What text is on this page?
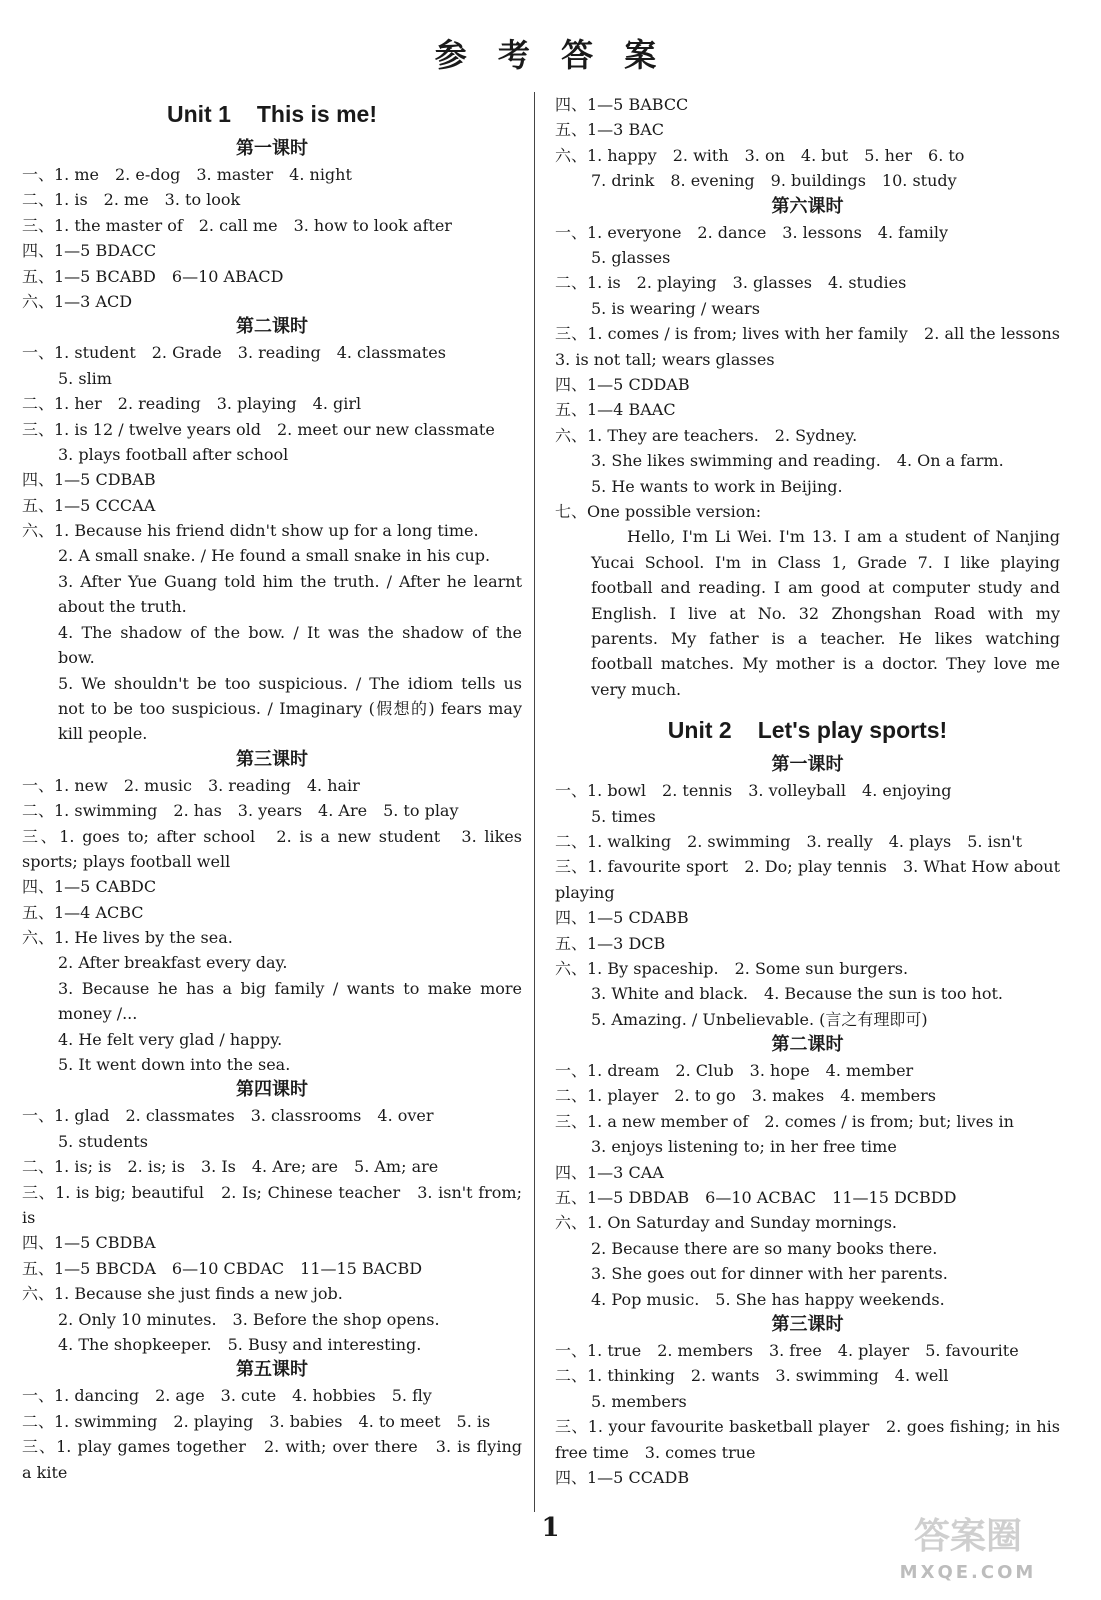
参 考 答 案
Unit 1 This is me!
第一课时
一、1. me　2. e-dog　3. master　4. night
二、1. is　2. me　3. to look
三、1. the master of　2. call me　3. how to look after
四、1—5 BDACC
五、1—5 BCABD　6—10 ABACD
六、1—3 ACD
第二课时
一、1. student　2. Grade　3. reading　4. classmates
5. slim
二、1. her　2. reading　3. playing　4. girl
三、1. is 12 / twelve years old　2. meet our new classmate
3. plays football after school
四、1—5 CDBAB
五、1—5 CCCAA
六、1. Because his friend didn't show up for a long time.
2. A small snake. / He found a small snake in his cup.
3. After Yue Guang told him the truth. / After he learnt about the truth.
4. The shadow of the bow. / It was the shadow of the bow.
5. We shouldn't be too suspicious. / The idiom tells us not to be too suspicious. / Imaginary (假想的) fears may kill people.
第三课时
一、1. new　2. music　3. reading　4. hair
二、1. swimming　2. has　3. years　4. Are　5. to play
三、1. goes to; after school　2. is a new student　3. likes sports; plays football well
四、1—5 CABDC
五、1—4 ACBC
六、1. He lives by the sea.
2. After breakfast every day.
3. Because he has a big family / wants to make more money /...
4. He felt very glad / happy.
5. It went down into the sea.
第四课时
一、1. glad　2. classmates　3. classrooms　4. over
5. students
二、1. is; is　2. is; is　3. Is　4. Are; are　5. Am; are
三、1. is big; beautiful　2. Is; Chinese teacher　3. isn't from; is
四、1—5 CBDBA
五、1—5 BBCDA　6—10 CBDAC　11—15 BACBD
六、1. Because she just finds a new job.
2. Only 10 minutes.　3. Before the shop opens.
4. The shopkeeper.　5. Busy and interesting.
第五课时
一、1. dancing　2. age　3. cute　4. hobbies　5. fly
二、1. swimming　2. playing　3. babies　4. to meet　5. is
三、1. play games together　2. with; over there　3. is flying a kite
四、1—5 BABCC
五、1—3 BAC
六、1. happy　2. with　3. on　4. but　5. her　6. to
7. drink　8. evening　9. buildings　10. study
第六课时
一、1. everyone　2. dance　3. lessons　4. family
5. glasses
二、1. is　2. playing　3. glasses　4. studies
5. is wearing / wears
三、1. comes / is from; lives with her family　2. all the lessons　3. is not tall; wears glasses
四、1—5 CDDAB
五、1—4 BAAC
六、1. They are teachers.　2. Sydney.
3. She likes swimming and reading.　4. On a farm.
5. He wants to work in Beijing.
七、One possible version:
Hello, I'm Li Wei. I'm 13. I am a student of Nanjing Yucai School. I'm in Class 1, Grade 7. I like playing football and reading. I am good at computer study and English. I live at No. 32 Zhongshan Road with my parents. My father is a teacher. He likes watching football matches. My mother is a doctor. They love me very much.
Unit 2 Let's play sports!
第一课时
一、1. bowl　2. tennis　3. volleyball　4. enjoying
5. times
二、1. walking　2. swimming　3. really　4. plays　5. isn't
三、1. favourite sport　2. Do; play tennis　3. What How about playing
四、1—5 CDABB
五、1—3 DCB
六、1. By spaceship.　2. Some sun burgers.
3. White and black.　4. Because the sun is too hot.
5. Amazing. / Unbelievable. (言之有理即可)
第二课时
一、1. dream　2. Club　3. hope　4. member
二、1. player　2. to go　3. makes　4. members
三、1. a new member of　2. comes / is from; but; lives in
3. enjoys listening to; in her free time
四、1—3 CAA
五、1—5 DBDAB　6—10 ACBAC　11—15 DCBDD
六、1. On Saturday and Sunday mornings.
2. Because there are so many books there.
3. She goes out for dinner with her parents.
4. Pop music.　5. She has happy weekends.
第三课时
一、1. true　2. members　3. free　4. player　5. favourite
二、1. thinking　2. wants　3. swimming　4. well
5. members
三、1. your favourite basketball player　2. goes fishing; in his free time　3. comes true
四、1—5 CCADB
1	答案圈
MXQE.COM
